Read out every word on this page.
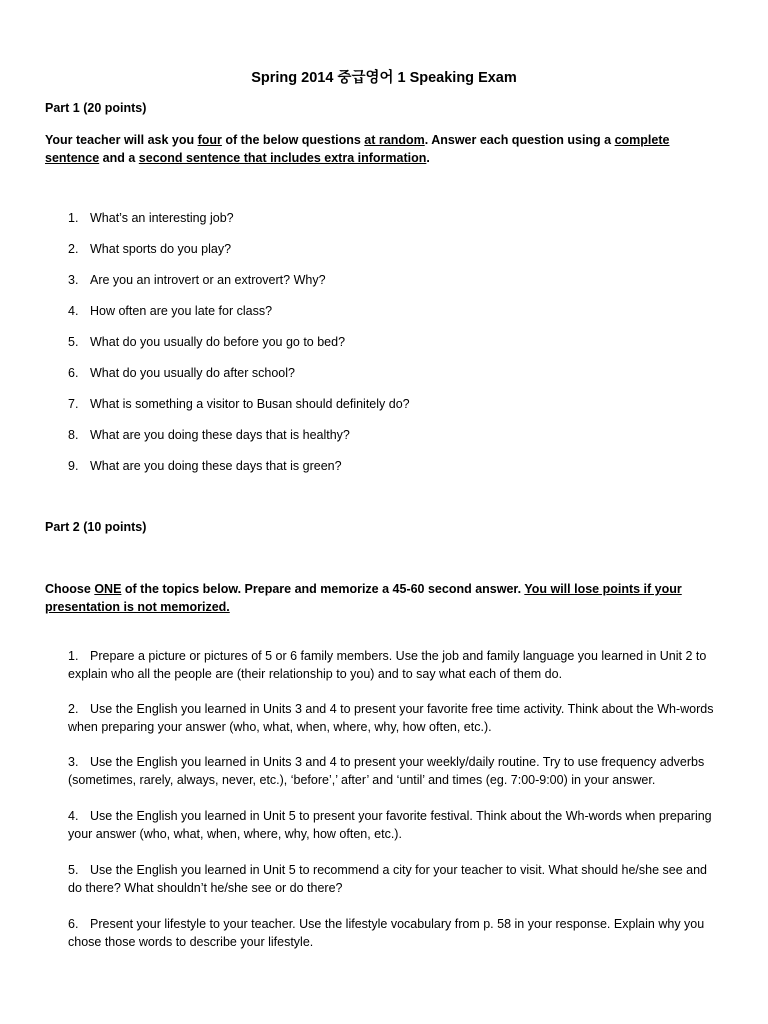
Spring 2014 중급영어 1 Speaking Exam
Part 1 (20 points)
Your teacher will ask you four of the below questions at random. Answer each question using a complete sentence and a second sentence that includes extra information.
1. What’s an interesting job?
2. What sports do you play?
3. Are you an introvert or an extrovert? Why?
4. How often are you late for class?
5. What do you usually do before you go to bed?
6. What do you usually do after school?
7. What is something a visitor to Busan should definitely do?
8. What are you doing these days that is healthy?
9. What are you doing these days that is green?
Part 2 (10 points)
Choose ONE of the topics below. Prepare and memorize a 45-60 second answer. You will lose points if your presentation is not memorized.
1. Prepare a picture or pictures of 5 or 6 family members. Use the job and family language you learned in Unit 2 to explain who all the people are (their relationship to you) and to say what each of them do.
2. Use the English you learned in Units 3 and 4 to present your favorite free time activity. Think about the Wh-words when preparing your answer (who, what, when, where, why, how often, etc.).
3. Use the English you learned in Units 3 and 4 to present your weekly/daily routine. Try to use frequency adverbs (sometimes, rarely, always, never, etc.), ‘before’,’ after’ and ‘until’ and times (eg. 7:00-9:00) in your answer.
4. Use the English you learned in Unit 5 to present your favorite festival. Think about the Wh-words when preparing your answer (who, what, when, where, why, how often, etc.).
5. Use the English you learned in Unit 5 to recommend a city for your teacher to visit. What should he/she see and do there? What shouldn’t he/she see or do there?
6. Present your lifestyle to your teacher. Use the lifestyle vocabulary from p. 58 in your response. Explain why you chose those words to describe your lifestyle.
